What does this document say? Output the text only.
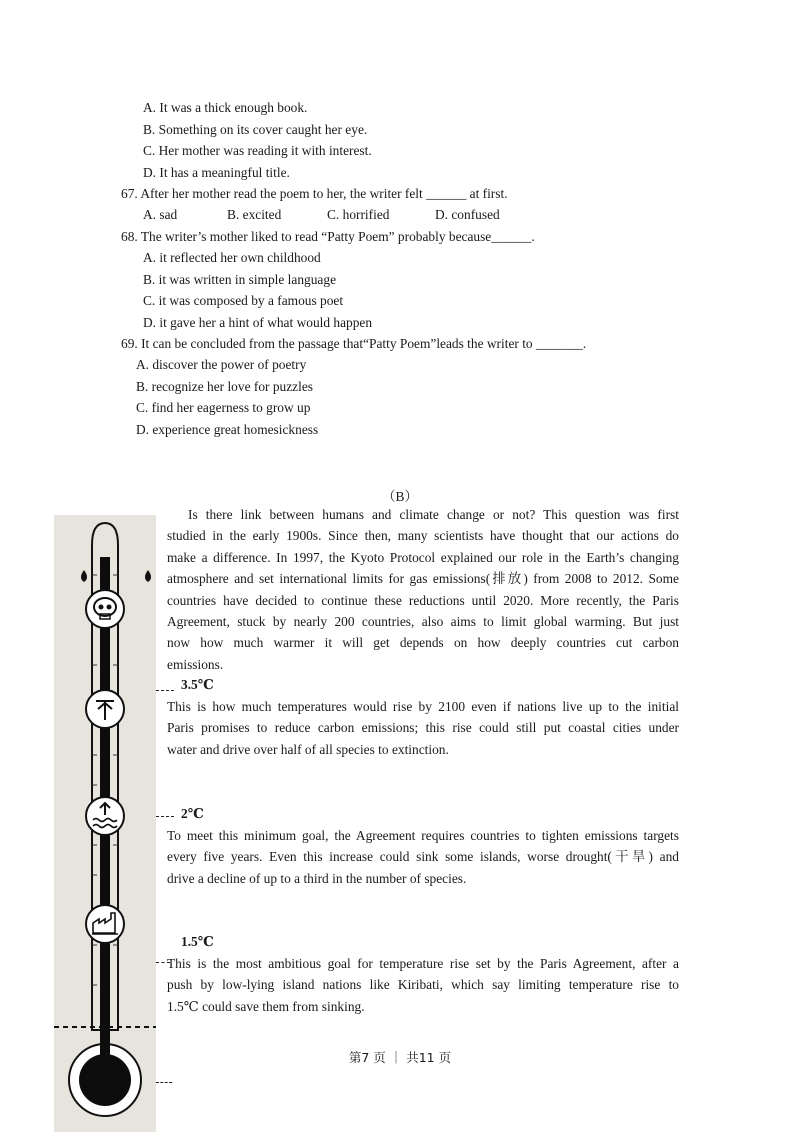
A. It was a thick enough book.
B. Something on its cover caught her eye.
C. Her mother was reading it with interest.
D. It has a meaningful title.
67. After her mother read the poem to her, the writer felt ______ at first.
A. sad	B. excited	C. horrified	D. confused
68. The writer’s mother liked to read “Patty Poem” probably because______.
A. it reflected her own childhood
B. it was written in simple language
C. it was composed by a famous poet
D. it gave her a hint of what would happen
69. It can be concluded from the passage that“Patty Poem”leads the writer to _______.
A. discover the power of poetry
B. recognize her love for puzzles
C. find her eagerness to grow up
D. experience great homesickness
（B）
Is there link between humans and climate change or not? This question was first
studied in the early 1900s. Since then, many scientists have thought that our actions do
make a difference. In 1997, the Kyoto Protocol explained our role in the Earth’s changing
atmosphere and set international limits for gas emissions(排放) from 2008 to 2012. Some
countries have decided to continue these reductions until 2020. More recently, the Paris
Agreement, stuck by nearly 200 countries, also aims to limit global warming. But just
now how much warmer it will get depends on how deeply countries cut carbon
emissions.
3.5℃
This is how much temperatures would rise by 2100 even if nations live up to the initial
Paris promises to reduce carbon emissions; this rise could still put coastal cities under
water and drive over half of all species to extinction.
2℃
To meet this minimum goal, the Agreement requires countries to tighten emissions targets
every five years. Even this increase could sink some islands, worse drought(干旱) and
drive a decline of up to a third in the number of species.
1.5℃
This is the most ambitious goal for temperature rise set by the Paris Agreement, after a
push by low-lying island nations like Kiribati, which say limiting temperature rise to
1.5℃ could save them from sinking.
第7 页 ｜ 共11 页
